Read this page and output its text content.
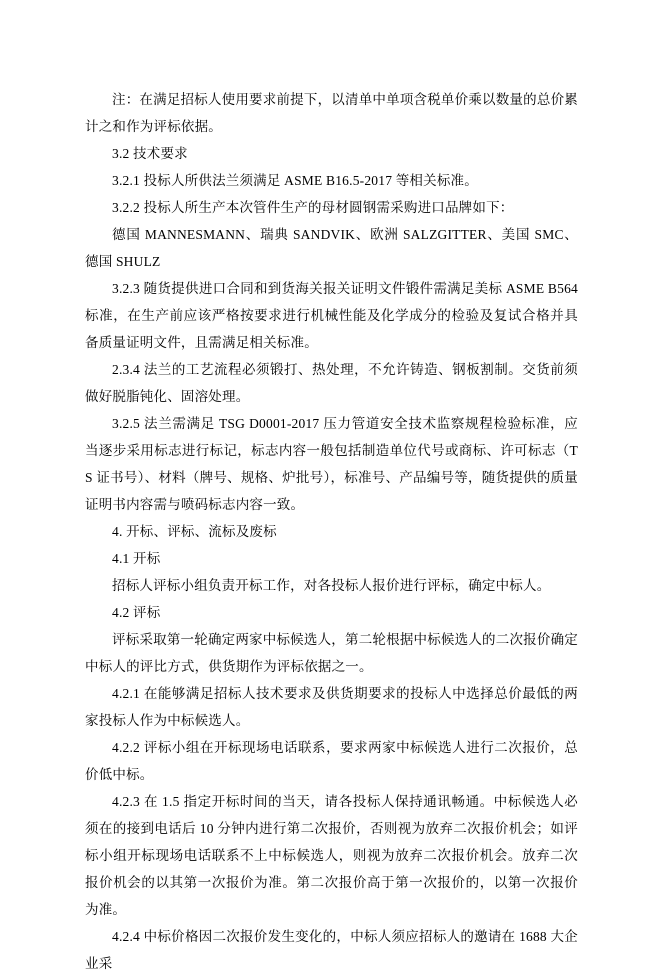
注：在满足招标人使用要求前提下，以清单中单项含税单价乘以数量的总价累计之和作为评标依据。

3.2 技术要求

3.2.1 投标人所供法兰须满足 ASME B16.5-2017 等相关标准。

3.2.2 投标人所生产本次管件生产的母材圆钢需采购进口品牌如下：

德国 MANNESMANN、瑞典 SANDVIK、欧洲 SALZGITTER、美国 SMC、德国 SHULZ

3.2.3 随货提供进口合同和到货海关报关证明文件锻件需满足美标 ASME B564 标准，在生产前应该严格按要求进行机械性能及化学成分的检验及复试合格并具备质量证明文件，且需满足相关标准。

2.3.4 法兰的工艺流程必须锻打、热处理，不允许铸造、钢板割制。交货前须做好脱脂钝化、固溶处理。

3.2.5 法兰需满足 TSG D0001-2017 压力管道安全技术监察规程检验标准，应当逐步采用标志进行标记，标志内容一般包括制造单位代号或商标、许可标志（TS 证书号）、材料（牌号、规格、炉批号），标准号、产品编号等，随货提供的质量证明书内容需与喷码标志内容一致。

4. 开标、评标、流标及废标

4.1 开标

招标人评标小组负责开标工作，对各投标人报价进行评标，确定中标人。

4.2 评标

评标采取第一轮确定两家中标候选人，第二轮根据中标候选人的二次报价确定中标人的评比方式，供货期作为评标依据之一。

4.2.1 在能够满足招标人技术要求及供货期要求的投标人中选择总价最低的两家投标人作为中标候选人。

4.2.2 评标小组在开标现场电话联系，要求两家中标候选人进行二次报价，总价低中标。

4.2.3 在 1.5 指定开标时间的当天，请各投标人保持通讯畅通。中标候选人必须在的接到电话后 10 分钟内进行第二次报价，否则视为放弃二次报价机会；如评标小组开标现场电话联系不上中标候选人，则视为放弃二次报价机会。放弃二次报价机会的以其第一次报价为准。第二次报价高于第一次报价的，以第一次报价为准。

4.2.4 中标价格因二次报价发生变化的，中标人须应招标人的邀请在 1688 大企业采
